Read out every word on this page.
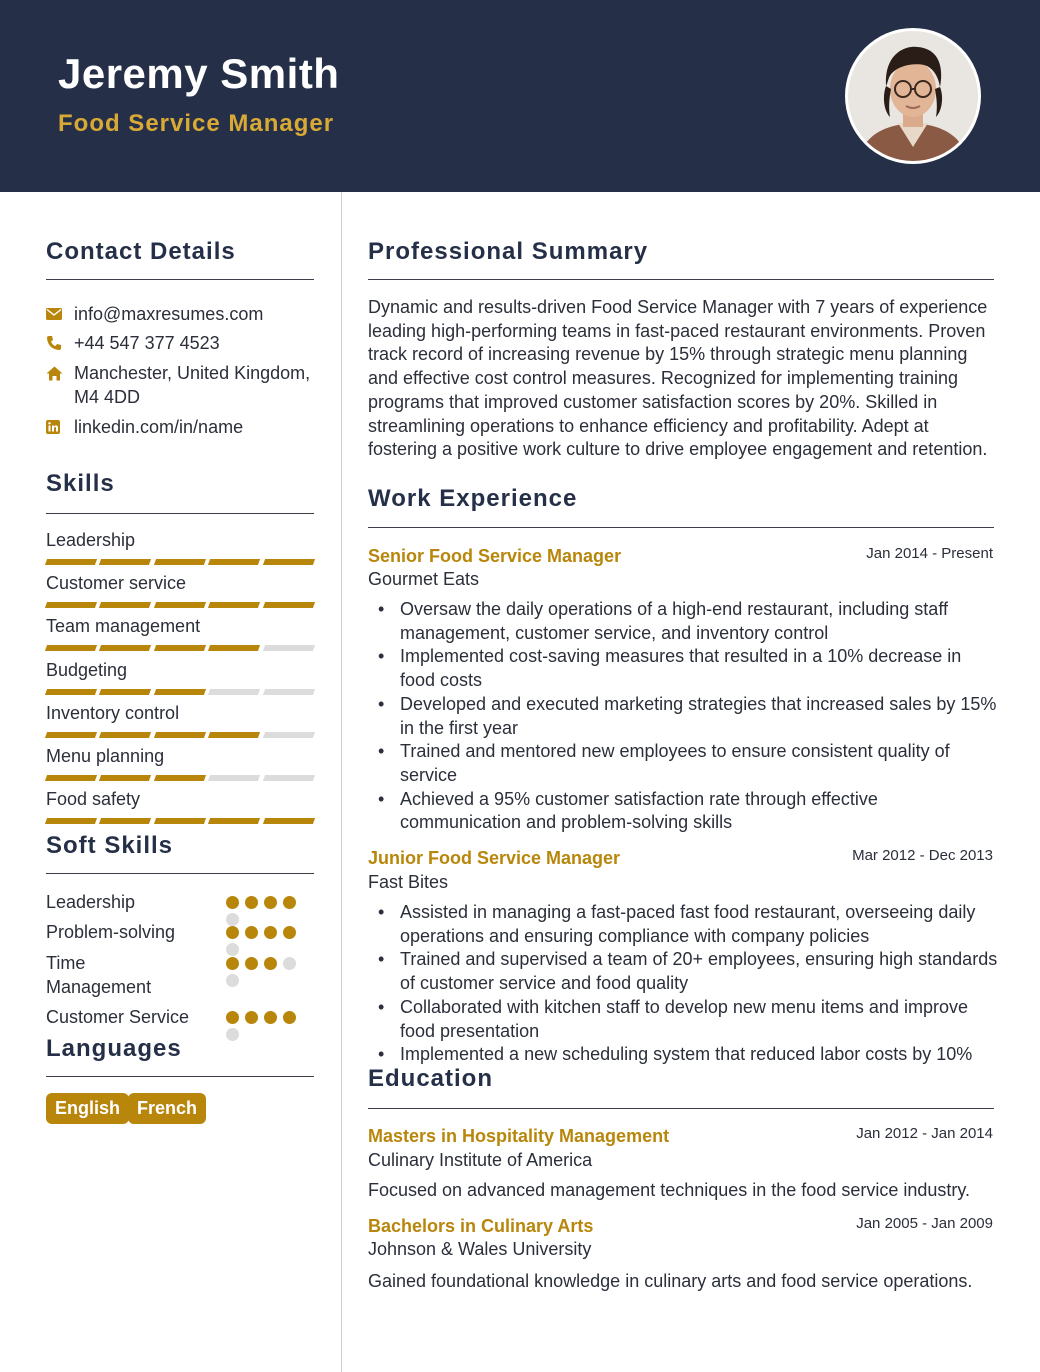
Jeremy Smith
Food Service Manager
Contact Details
info@maxresumes.com
+44 547 377 4523
Manchester, United Kingdom, M4 4DD
linkedin.com/in/name
Skills
Leadership
Customer service
Team management
Budgeting
Inventory control
Menu planning
Food safety
Soft Skills
Leadership
Problem-solving
Time Management
Customer Service
Languages
English French
Professional Summary
Dynamic and results-driven Food Service Manager with 7 years of experience leading high-performing teams in fast-paced restaurant environments. Proven track record of increasing revenue by 15% through strategic menu planning and effective cost control measures. Recognized for implementing training programs that improved customer satisfaction scores by 20%. Skilled in streamlining operations to enhance efficiency and profitability. Adept at fostering a positive work culture to drive employee engagement and retention.
Work Experience
Senior Food Service Manager	Jan 2014 - Present
Gourmet Eats
• Oversaw the daily operations of a high-end restaurant, including staff management, customer service, and inventory control
• Implemented cost-saving measures that resulted in a 10% decrease in food costs
• Developed and executed marketing strategies that increased sales by 15% in the first year
• Trained and mentored new employees to ensure consistent quality of service
• Achieved a 95% customer satisfaction rate through effective communication and problem-solving skills
Junior Food Service Manager	Mar 2012 - Dec 2013
Fast Bites
• Assisted in managing a fast-paced fast food restaurant, overseeing daily operations and ensuring compliance with company policies
• Trained and supervised a team of 20+ employees, ensuring high standards of customer service and food quality
• Collaborated with kitchen staff to develop new menu items and improve food presentation
• Implemented a new scheduling system that reduced labor costs by 10%
Education
Masters in Hospitality Management	Jan 2012 - Jan 2014
Culinary Institute of America
Focused on advanced management techniques in the food service industry.
Bachelors in Culinary Arts	Jan 2005 - Jan 2009
Johnson & Wales University
Gained foundational knowledge in culinary arts and food service operations.
